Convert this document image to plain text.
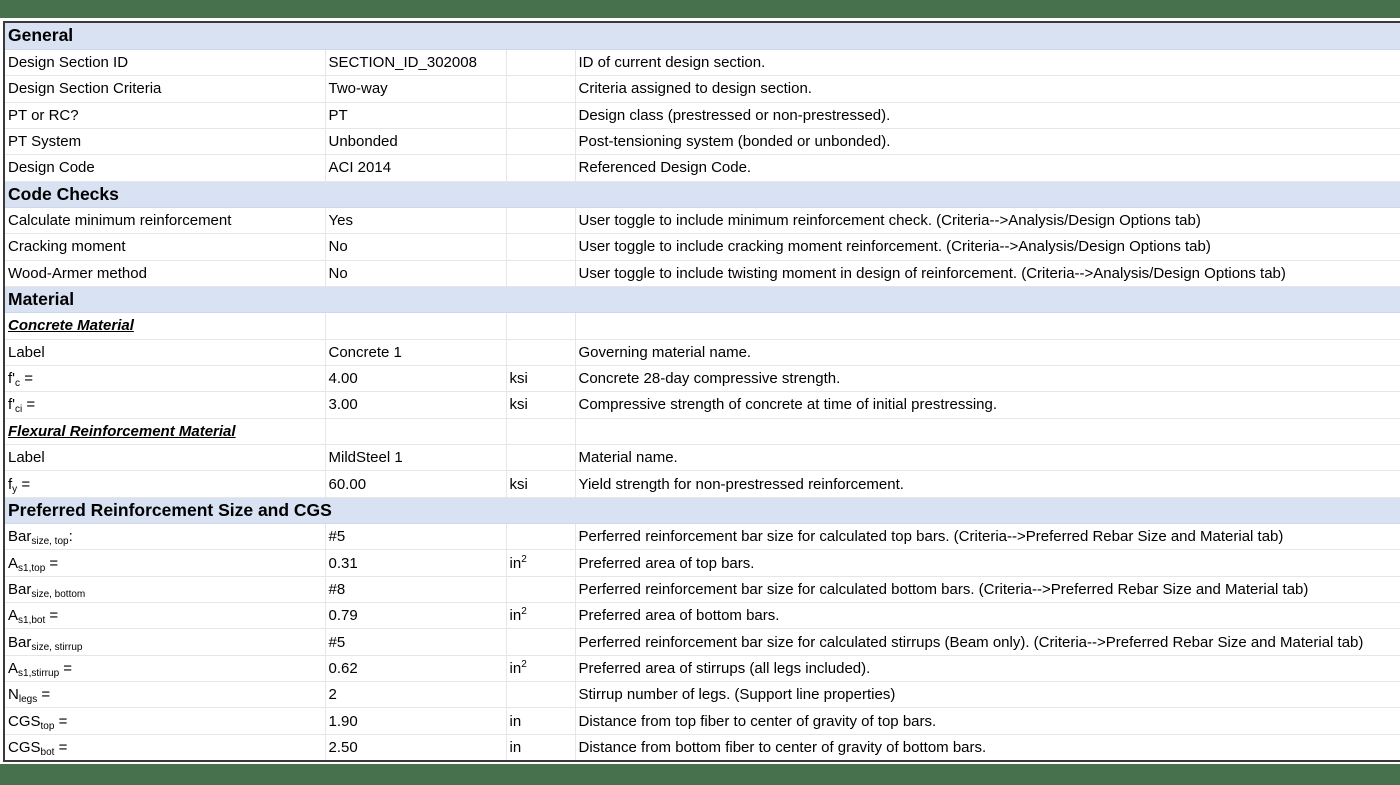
General			
Design Section ID	SECTION_ID_302008		ID of current design section.
Design Section Criteria	Two-way		Criteria assigned to design section.
PT or RC?	PT		Design class (prestressed or non-prestressed).
PT System	Unbonded		Post-tensioning system (bonded or unbonded).
Design Code	ACI 2014		Referenced Design Code.
Code Checks			
Calculate minimum reinforcement	Yes		User toggle to include minimum reinforcement check. (Criteria-->Analysis/Design Options tab)
Cracking moment	No		User toggle to include cracking moment reinforcement. (Criteria-->Analysis/Design Options tab)
Wood-Armer method	No		User toggle to include twisting moment in design of reinforcement. (Criteria-->Analysis/Design Options tab)
Material			
Concrete Material			
Label	Concrete 1		Governing material name.
$f'_c$ =	4.00	ksi	Concrete 28-day compressive strength.
$f'_{ci}$ =	3.00	ksi	Compressive strength of concrete at time of initial prestressing.
Flexural Reinforcement Material			
Label	MildSteel 1		Material name.
$f_y$ =	60.00	ksi	Yield strength for non-prestressed reinforcement.
Preferred Reinforcement Size and CGS			
Bar$_{size, top}$:	#5		Perferred reinforcement bar size for calculated top bars. (Criteria-->Preferred Rebar Size and Material tab)
$A_{s1,top}$ =	0.31	$in^2$	Preferred area of top bars.
Bar$_{size, bottom}$	#8		Perferred reinforcement bar size for calculated bottom bars. (Criteria-->Preferred Rebar Size and Material tab)
$A_{s1,bot}$ =	0.79	$in^2$	Preferred area of bottom bars.
Bar$_{size, stirrup}$	#5		Perferred reinforcement bar size for calculated stirrups (Beam only). (Criteria-->Preferred Rebar Size and Material tab)
$A_{s1,stirrup}$ =	0.62	$in^2$	Preferred area of stirrups (all legs included).
$N_{legs}$ =	2		Stirrup number of legs. (Support line properties)
$CGS_{top}$ =	1.90	in	Distance from top fiber to center of gravity of top bars.
$CGS_{bot}$ =	2.50	in	Distance from bottom fiber to center of gravity of bottom bars.
